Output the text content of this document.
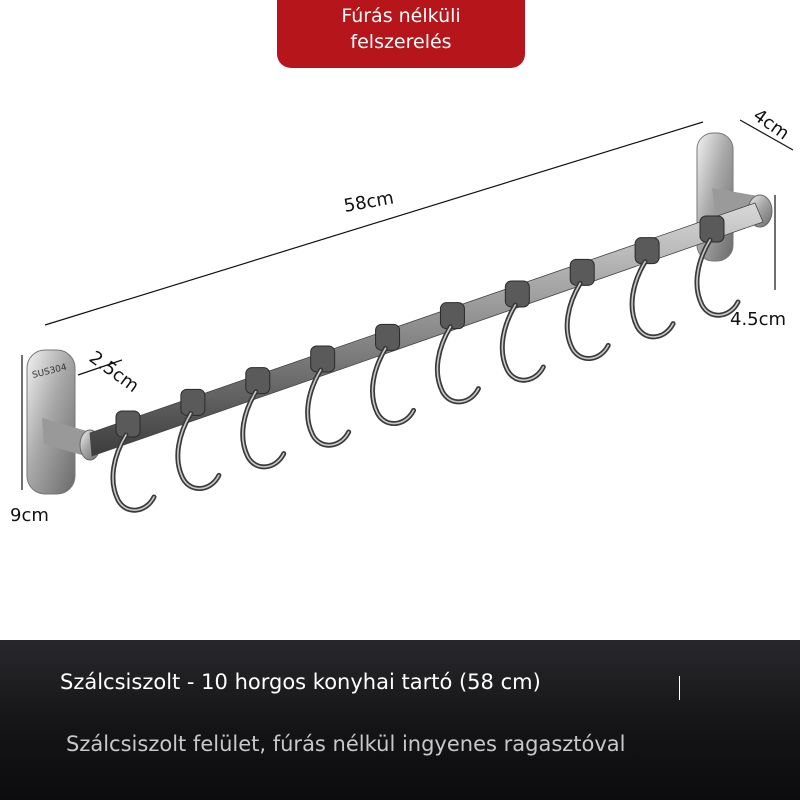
Fúrás nélküli
felszerelés
SUS304
58cm
4cm
2.5cm
4.5cm
9cm
Szálcsiszolt - 10 horgos konyhai tartó (58 cm)
Szálcsiszolt felület, fúrás nélkül ingyenes ragasztóval
